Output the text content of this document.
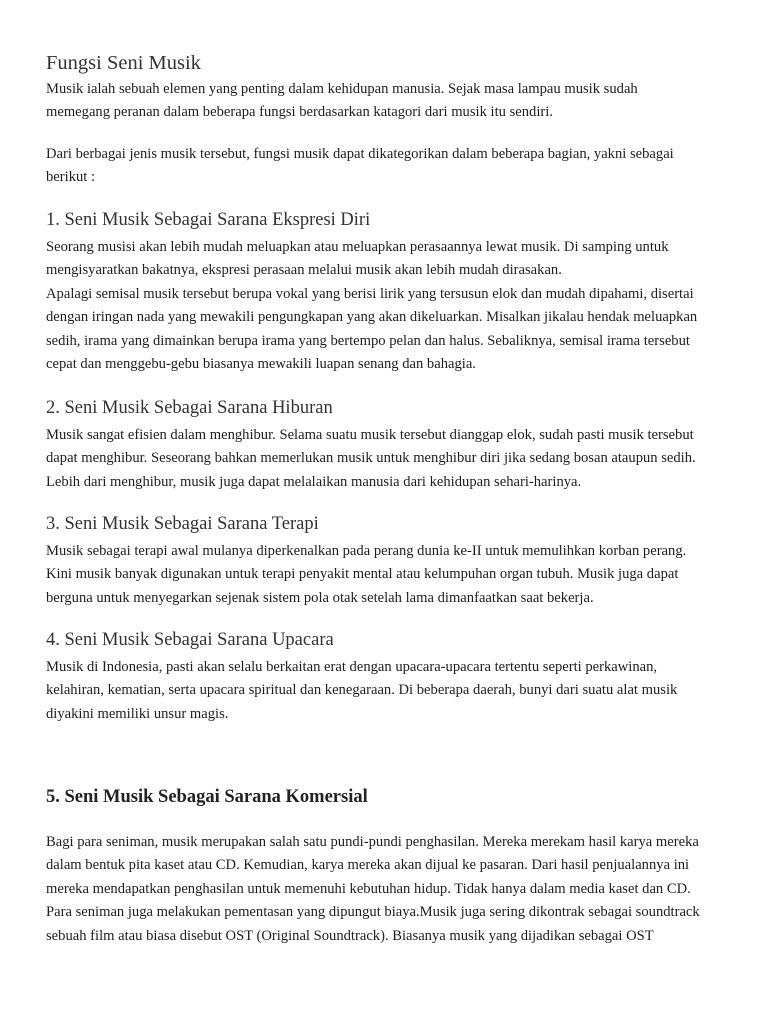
Fungsi Seni Musik

Musik ialah sebuah elemen yang penting dalam kehidupan manusia. Sejak masa lampau musik sudah
memegang peranan dalam beberapa fungsi berdasarkan katagori dari musik itu sendiri.

Dari berbagai jenis musik tersebut, fungsi musik dapat dikategorikan dalam beberapa bagian, yakni sebagai
berikut :

1. Seni Musik Sebagai Sarana Ekspresi Diri

Seorang musisi akan lebih mudah meluapkan atau meluapkan perasaannya lewat musik. Di samping untuk
mengisyaratkan bakatnya, ekspresi perasaan melalui musik akan lebih mudah dirasakan.
Apalagi semisal musik tersebut berupa vokal yang berisi lirik yang tersusun elok dan mudah dipahami, disertai
dengan iringan nada yang mewakili pengungkapan yang akan dikeluarkan. Misalkan jikalau hendak meluapkan
sedih, irama yang dimainkan berupa irama yang bertempo pelan dan halus. Sebaliknya, semisal irama tersebut
cepat dan menggebu-gebu biasanya mewakili luapan senang dan bahagia.

2. Seni Musik Sebagai Sarana Hiburan

Musik sangat efisien dalam menghibur. Selama suatu musik tersebut dianggap elok, sudah pasti musik tersebut
dapat menghibur. Seseorang bahkan memerlukan musik untuk menghibur diri jika sedang bosan ataupun sedih.
Lebih dari menghibur, musik juga dapat melalaikan manusia dari kehidupan sehari-harinya.

3. Seni Musik Sebagai Sarana Terapi

Musik sebagai terapi awal mulanya diperkenalkan pada perang dunia ke-II untuk memulihkan korban perang.
Kini musik banyak digunakan untuk terapi penyakit mental atau kelumpuhan organ tubuh. Musik juga dapat
berguna untuk menyegarkan sejenak sistem pola otak setelah lama dimanfaatkan saat bekerja.

4. Seni Musik Sebagai Sarana Upacara

Musik di Indonesia, pasti akan selalu berkaitan erat dengan upacara-upacara tertentu seperti perkawinan,
kelahiran, kematian, serta upacara spiritual dan kenegaraan. Di beberapa daerah, bunyi dari suatu alat musik
diyakini memiliki unsur magis.

5. Seni Musik Sebagai Sarana Komersial

Bagi para seniman, musik merupakan salah satu pundi-pundi penghasilan. Mereka merekam hasil karya mereka
dalam bentuk pita kaset atau CD. Kemudian, karya mereka akan dijual ke pasaran. Dari hasil penjualannya ini
mereka mendapatkan penghasilan untuk memenuhi kebutuhan hidup. Tidak hanya dalam media kaset dan CD.
Para seniman juga melakukan pementasan yang dipungut biaya.Musik juga sering dikontrak sebagai soundtrack
sebuah film atau biasa disebut OST (Original Soundtrack). Biasanya musik yang dijadikan sebagai OST
